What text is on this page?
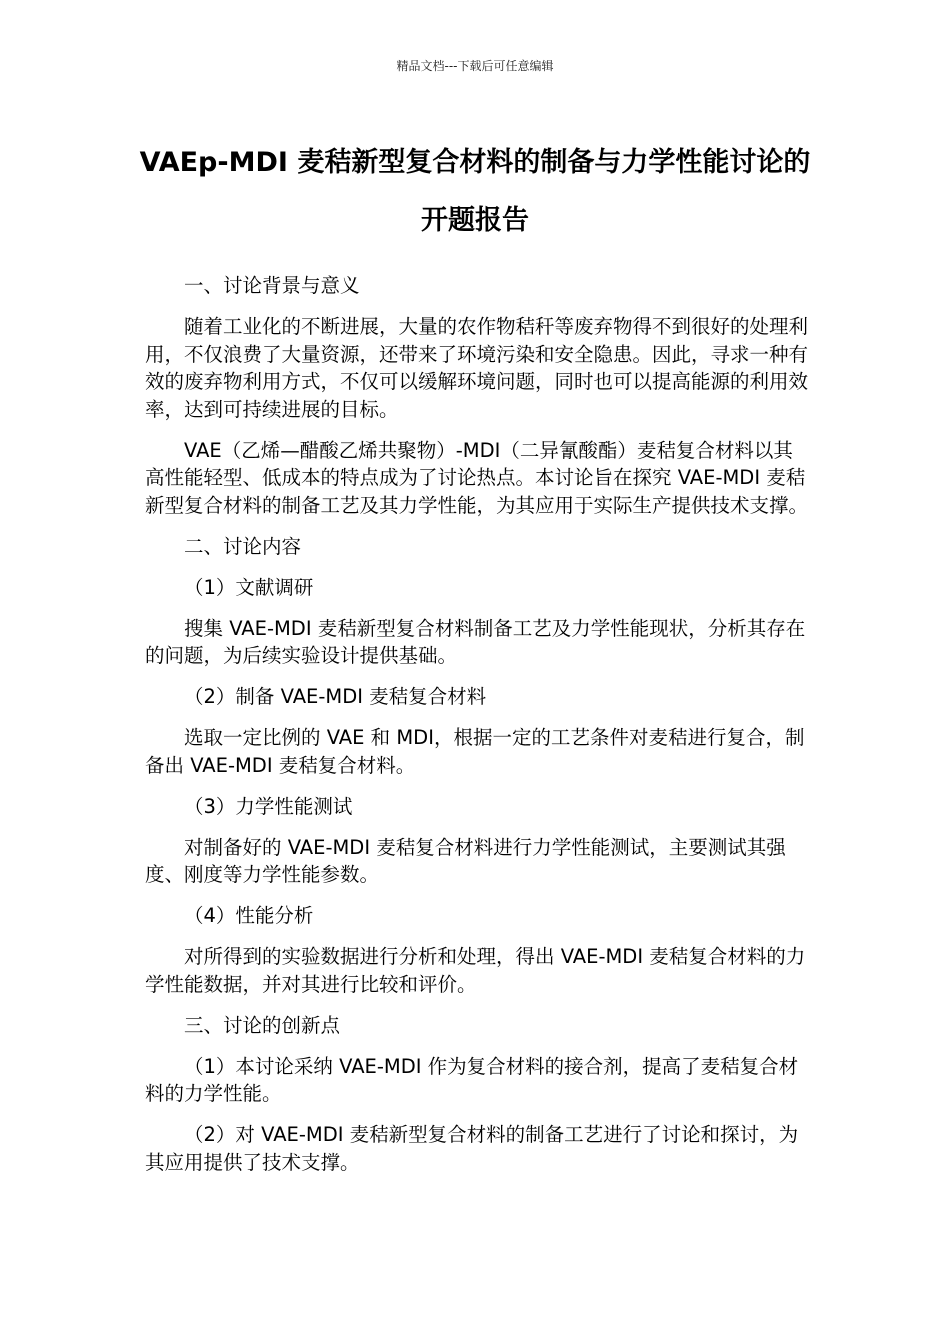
精品文档---下载后可任意编辑
VAEp-MDI 麦秸新型复合材料的制备与力学性能讨论的开题报告

一、讨论背景与意义

随着工业化的不断进展，大量的农作物秸秆等废弃物得不到很好的处理利用，不仅浪费了大量资源，还带来了环境污染和安全隐患。因此，寻求一种有效的废弃物利用方式，不仅可以缓解环境问题，同时也可以提高能源的利用效率，达到可持续进展的目标。

VAE（乙烯—醋酸乙烯共聚物）-MDI（二异氰酸酯）麦秸复合材料以其高性能轻型、低成本的特点成为了讨论热点。本讨论旨在探究 VAE-MDI 麦秸新型复合材料的制备工艺及其力学性能，为其应用于实际生产提供技术支撑。

二、讨论内容

（1）文献调研

搜集 VAE-MDI 麦秸新型复合材料制备工艺及力学性能现状，分析其存在的问题，为后续实验设计提供基础。

（2）制备 VAE-MDI 麦秸复合材料

选取一定比例的 VAE 和 MDI，根据一定的工艺条件对麦秸进行复合，制备出 VAE-MDI 麦秸复合材料。

（3）力学性能测试

对制备好的 VAE-MDI 麦秸复合材料进行力学性能测试，主要测试其强度、刚度等力学性能参数。

（4）性能分析

对所得到的实验数据进行分析和处理，得出 VAE-MDI 麦秸复合材料的力学性能数据，并对其进行比较和评价。

三、讨论的创新点

（1）本讨论采纳 VAE-MDI 作为复合材料的接合剂，提高了麦秸复合材料的力学性能。

（2）对 VAE-MDI 麦秸新型复合材料的制备工艺进行了讨论和探讨，为其应用提供了技术支撑。
